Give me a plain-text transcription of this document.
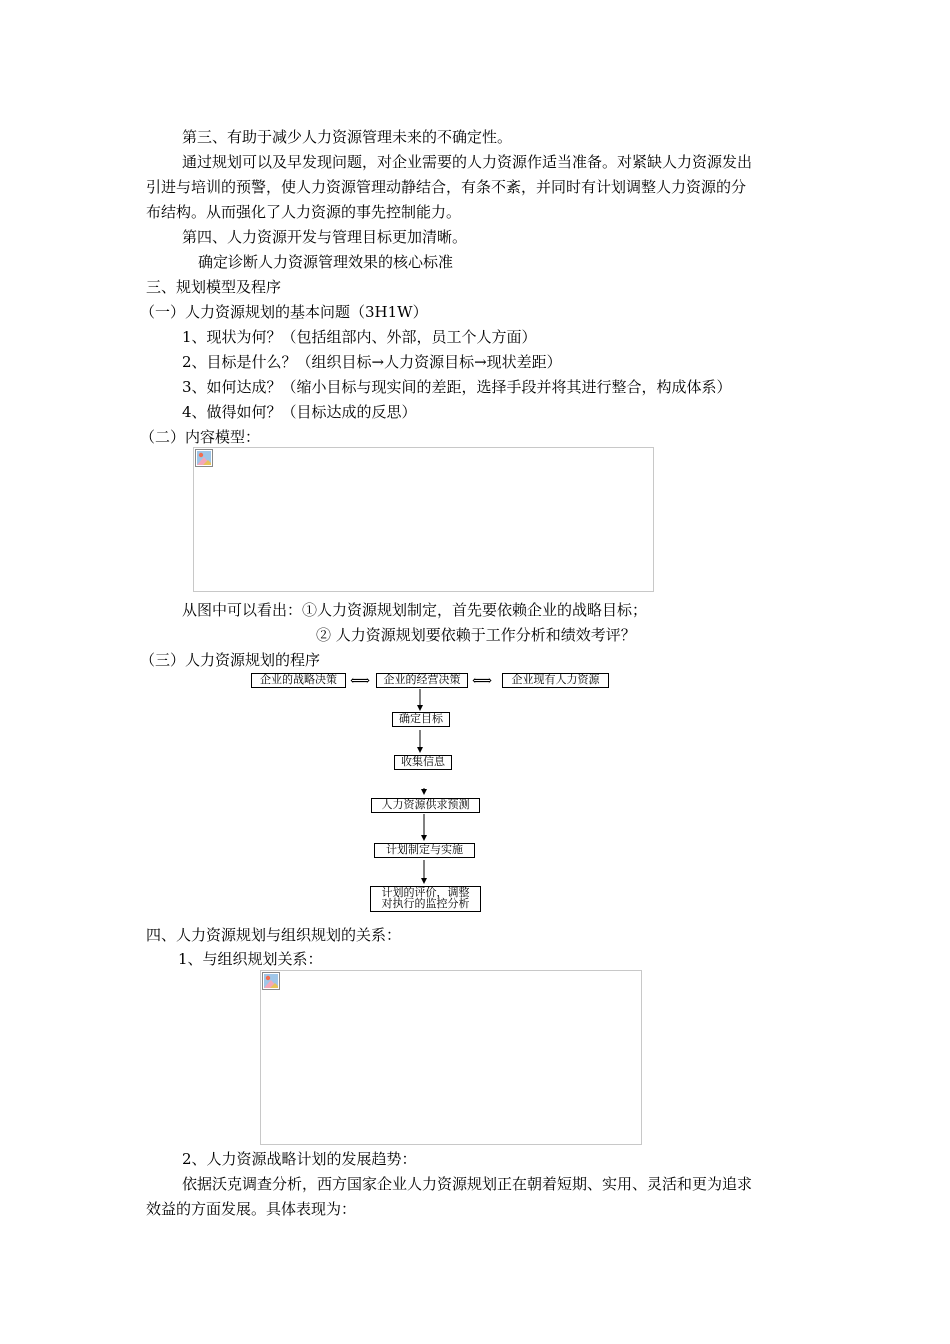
第三、有助于减少人力资源管理未来的不确定性。
通过规划可以及早发现问题，对企业需要的人力资源作适当准备。对紧缺人力资源发出
引进与培训的预警，使人力资源管理动静结合，有条不紊，并同时有计划调整人力资源的分
布结构。从而强化了人力资源的事先控制能力。
第四、人力资源开发与管理目标更加清晰。
确定诊断人力资源管理效果的核心标准
三、规划模型及程序
（一）人力资源规划的基本问题（3H1W）
1、现状为何？（包括组部内、外部，员工个人方面）
2、目标是什么？（组织目标→人力资源目标→现状差距）
3、如何达成？（缩小目标与现实间的差距，选择手段并将其进行整合，构成体系）
4、做得如何？（目标达成的反思）
（二）内容模型：
从图中可以看出：①人力资源规划制定，首先要依赖企业的战略目标；
② 人力资源规划要依赖于工作分析和绩效考评？
（三）人力资源规划的程序
企业的战略决策 ⟺	企业的经营决策 ⟺	企业现有人力资源
确定目标
收集信息
人力资源供求预测
计划制定与实施
计划的评价，调整
对执行的监控分析
四、人力资源规划与组织规划的关系：
1、与组织规划关系：
2、人力资源战略计划的发展趋势：
依据沃克调查分析，西方国家企业人力资源规划正在朝着短期、实用、灵活和更为追求
效益的方面发展。具体表现为：
